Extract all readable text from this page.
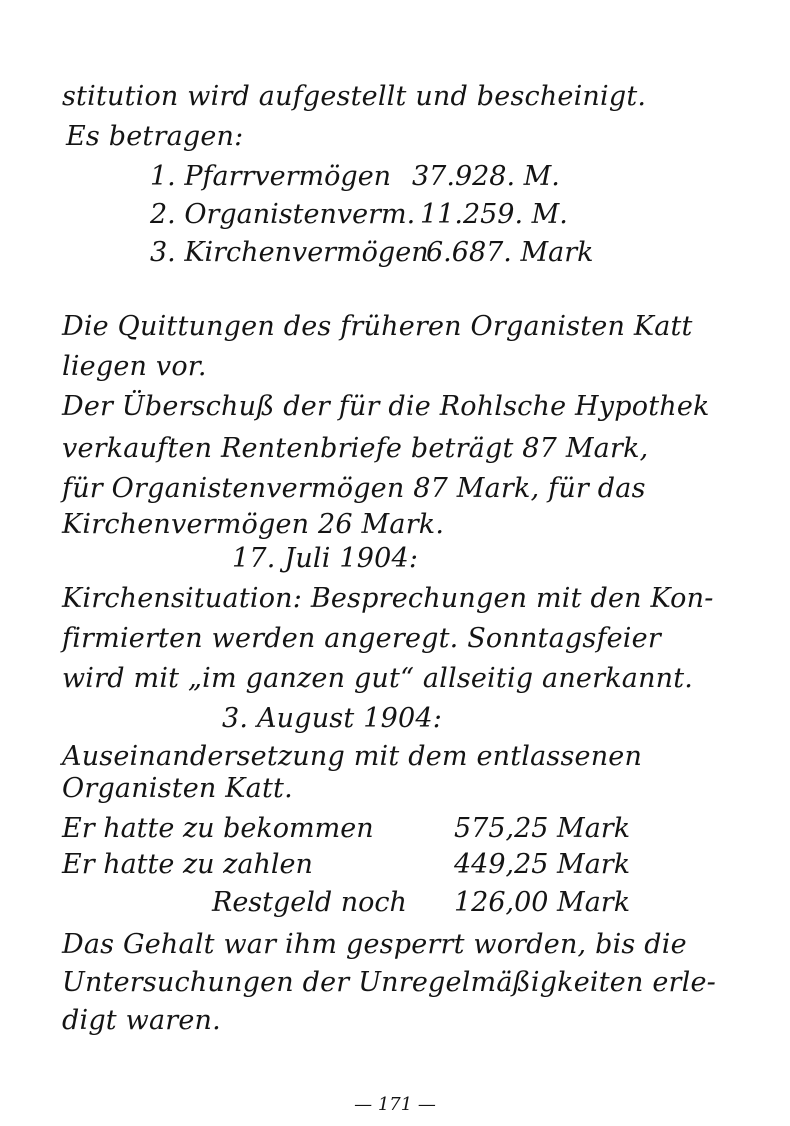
stitution wird aufgestellt und bescheinigt.
Es betragen:
1. Pfarrvermögen 37.928. M.
2. Organistenverm. 11.259. M.
3. Kirchenvermögen
6.687. Mark
Die Quittungen des früheren Organisten Katt
liegen vor.
Der Überschuß der für die Rohlsche Hypothek
verkauften Rentenbriefe beträgt 87 Mark,
für Organistenvermögen 87 Mark, für das
Kirchenvermögen 26 Mark.
17. Juli 1904:
Kirchensituation: Besprechungen mit den Kon-
firmierten werden angeregt. Sonntagsfeier
wird mit „im ganzen gut“ allseitig anerkannt.
3. August 1904:
Auseinandersetzung mit dem entlassenen
Organisten Katt.
Er hatte zu bekommen	575,25 Mark
Er hatte zu zahlen	449,25 Mark
Restgeld noch 126,00 Mark
Das Gehalt war ihm gesperrt worden, bis die
Untersuchungen der Unregelmäßigkeiten erle-
digt waren.
— 171 —
